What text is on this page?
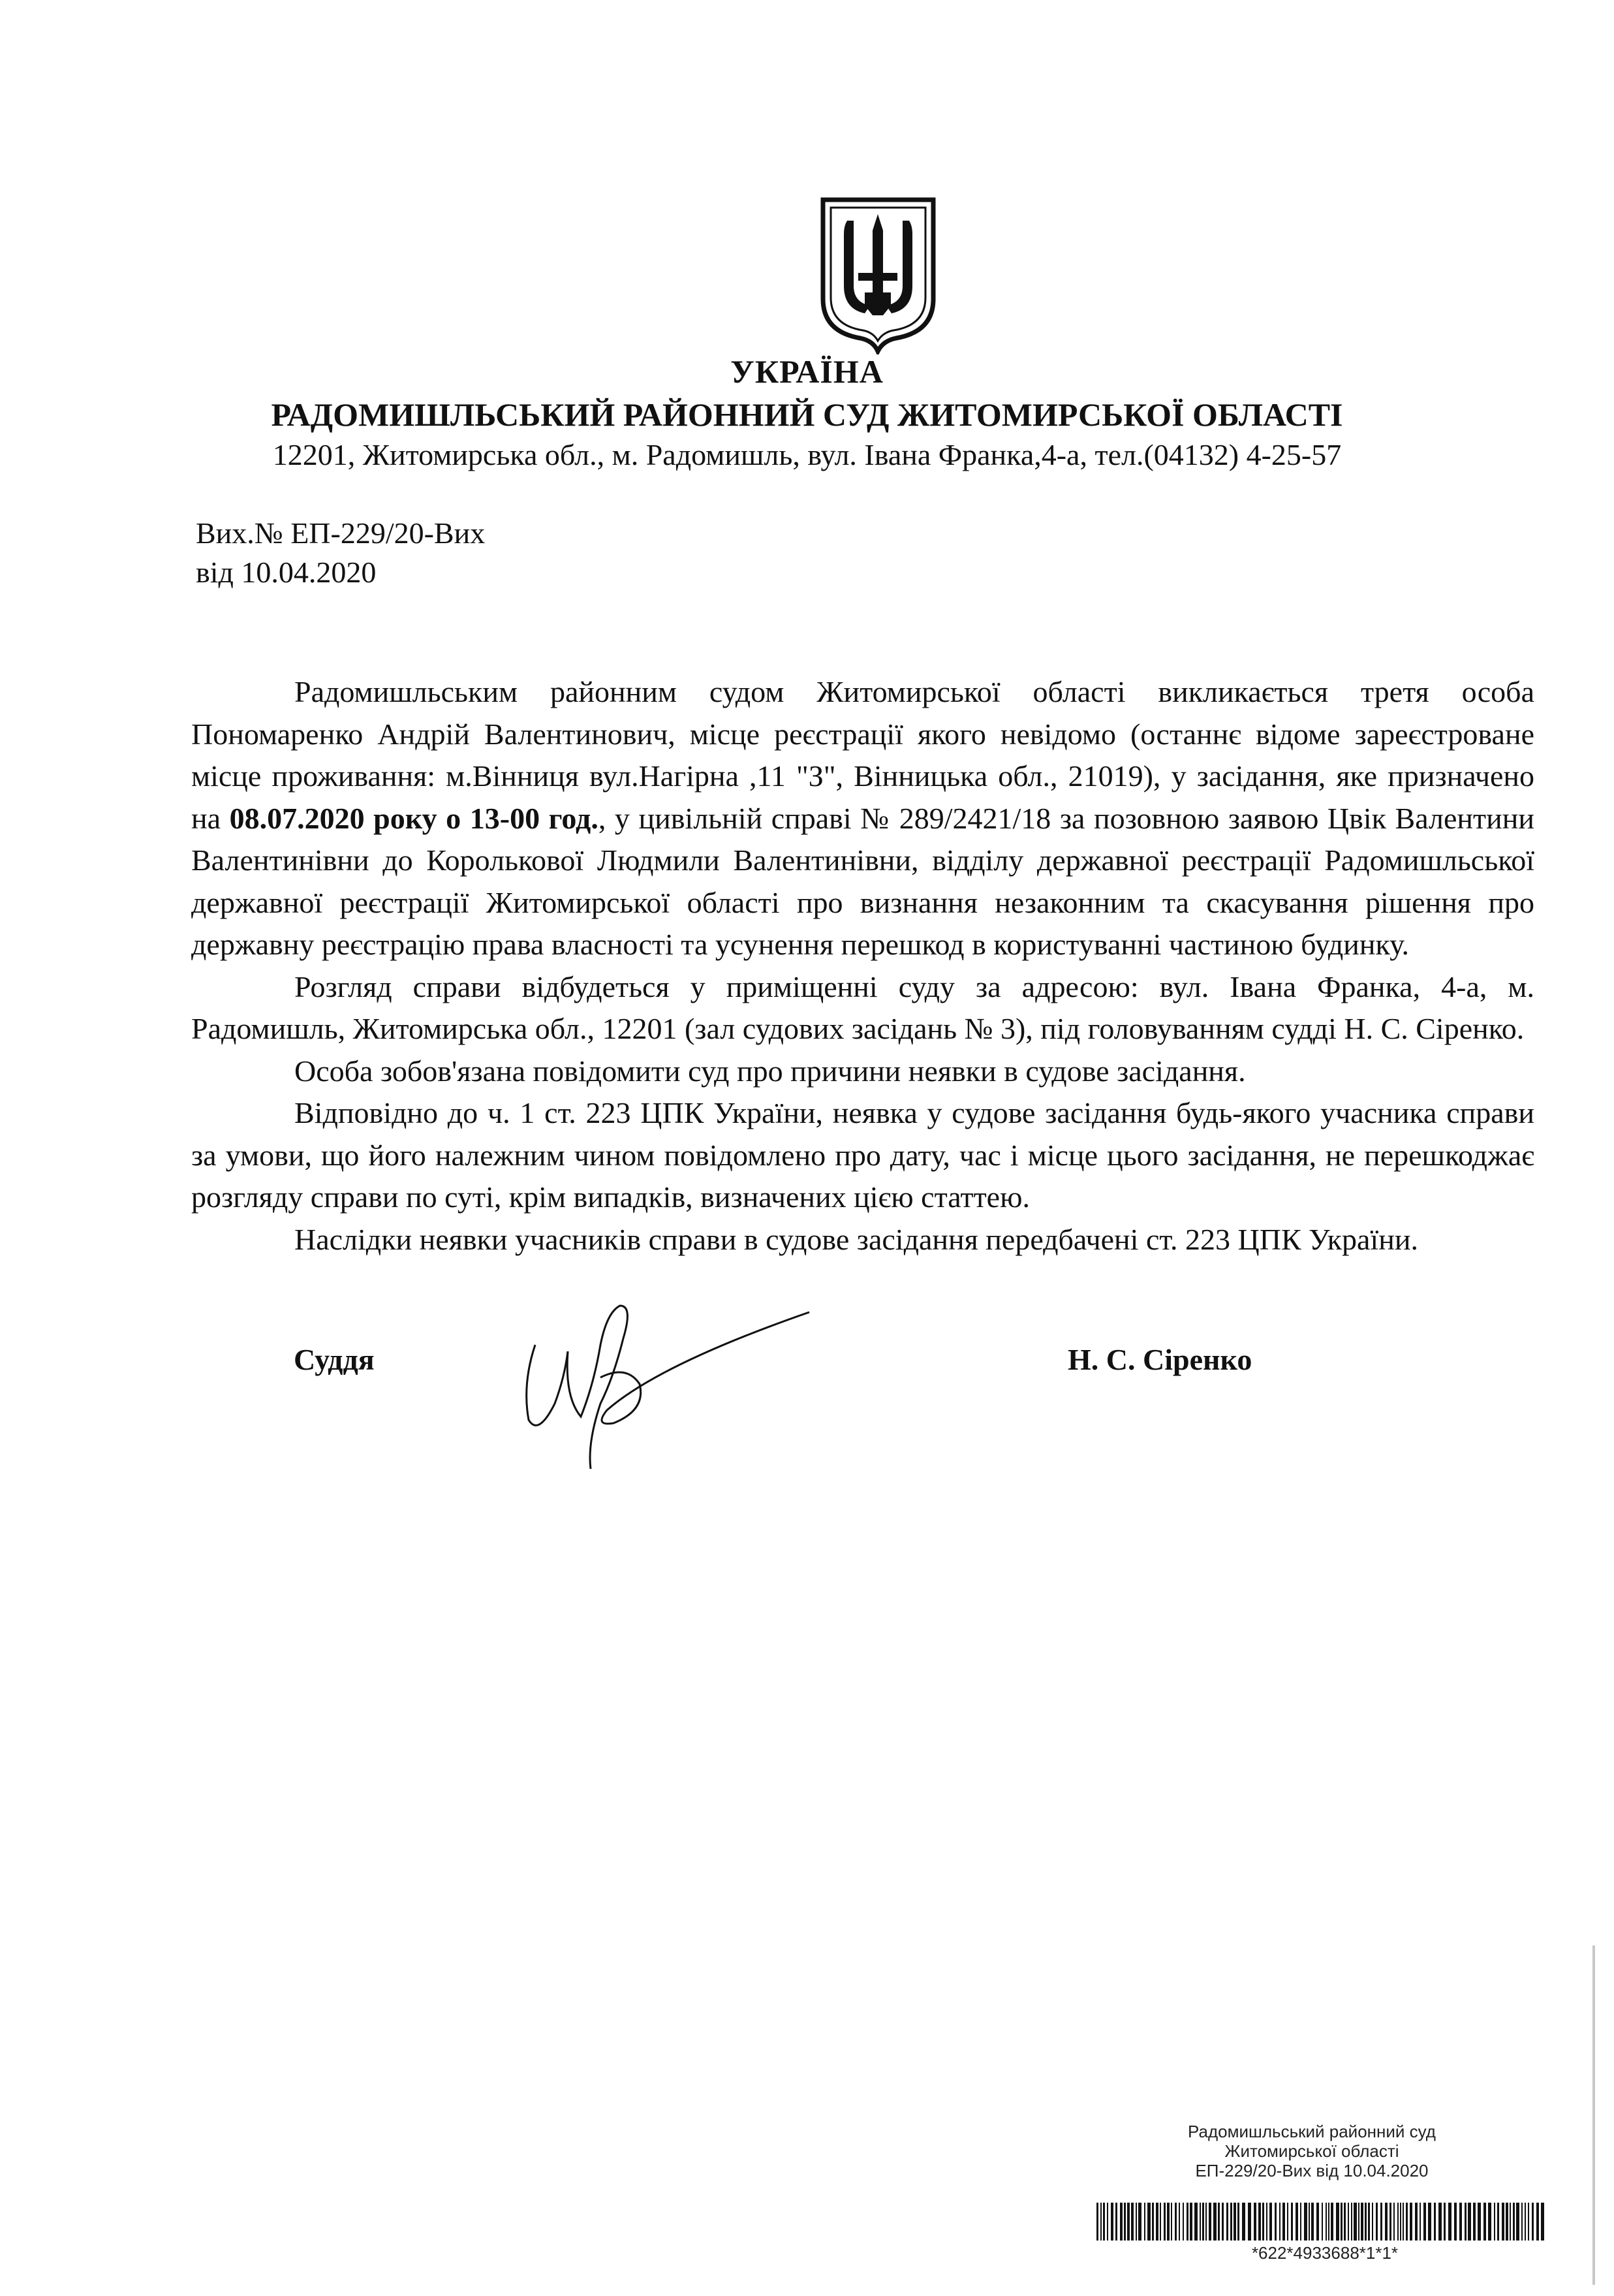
УКРАЇНА
РАДОМИШЛЬСЬКИЙ РАЙОННИЙ СУД ЖИТОМИРСЬКОЇ ОБЛАСТІ
12201, Житомирська обл., м. Радомишль, вул. Івана Франка,4-а, тел.(04132) 4-25-57
Вих.№ ЕП-229/20-Вих
від 10.04.2020

Радомишльським районним судом Житомирської області викликається третя особа Пономаренко Андрій Валентинович, місце реєстрації якого невідомо (останнє відоме зареєстроване місце проживання: м.Вінниця вул.Нагірна ,11 "З", Вінницька обл., 21019), у засідання, яке призначено на 08.07.2020 року о 13-00 год., у цивільній справі № 289/2421/18 за позовною заявою Цвік Валентини Валентинівни до Королькової Людмили Валентинівни, відділу державної реєстрації Радомишльської державної реєстрації Житомирської області про визнання незаконним та скасування рішення про державну реєстрацію права власності та усунення перешкод в користуванні частиною будинку.

Розгляд справи відбудеться у приміщенні суду за адресою: вул. Івана Франка, 4-а, м. Радомишль, Житомирська обл., 12201 (зал судових засідань № 3), під головуванням судді Н. С. Сіренко.

Особа зобов'язана повідомити суд про причини неявки в судове засідання.

Відповідно до ч. 1 ст. 223 ЦПК України, неявка у судове засідання будь-якого учасника справи за умови, що його належним чином повідомлено про дату, час і місце цього засідання, не перешкоджає розгляду справи по суті, крім випадків, визначених цією статтею.

Наслідки неявки учасників справи в судове засідання передбачені ст. 223 ЦПК України.

Суддя	Н. С. Сіренко
Радомишльський районний суд
Житомирської області
ЕП-229/20-Вих від 10.04.2020
*622*4933688*1*1*
